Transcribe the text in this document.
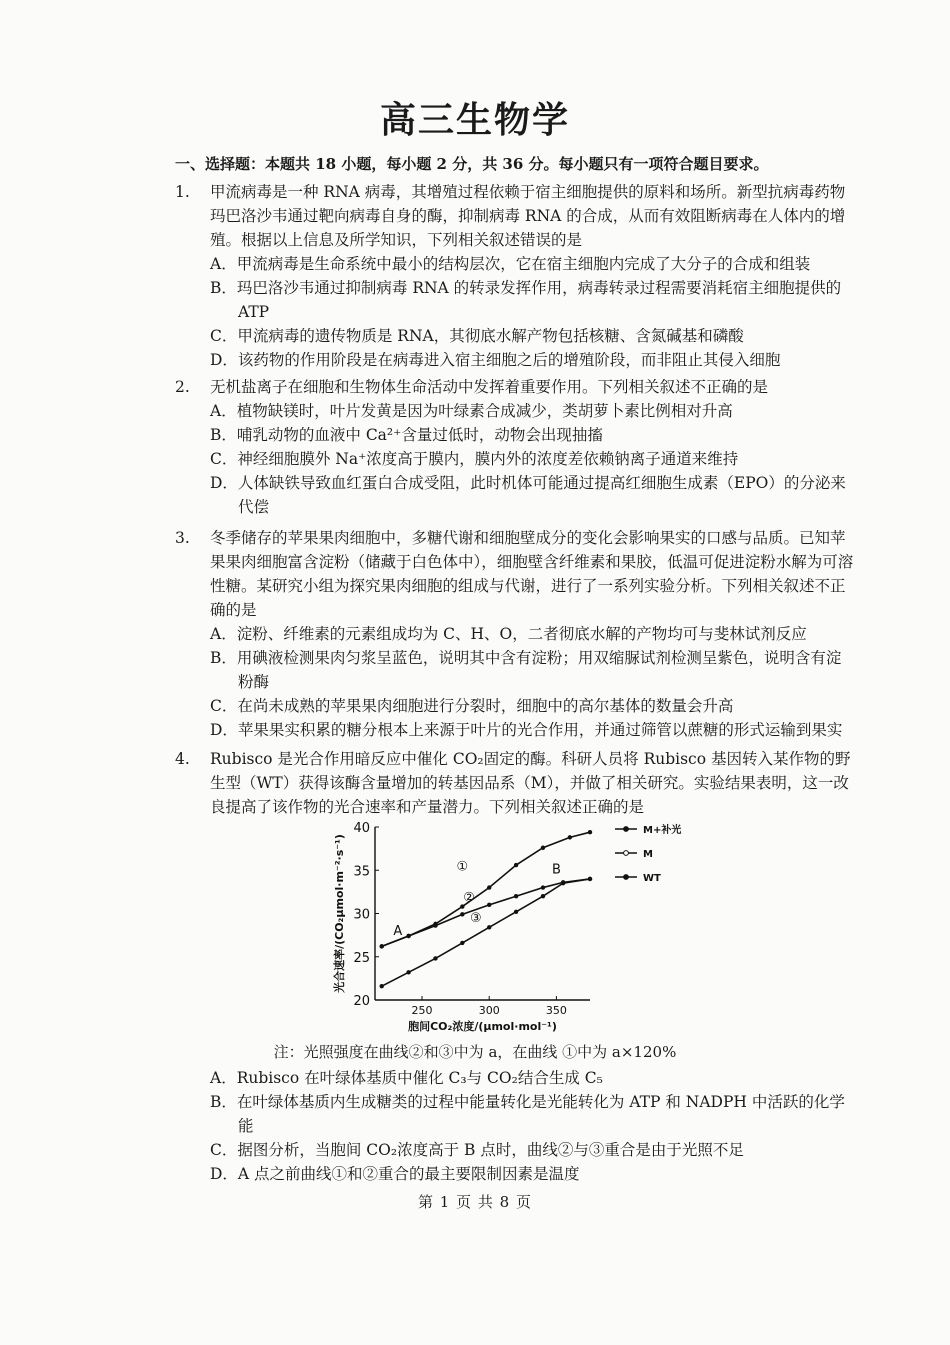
高三生物学
一、选择题：本题共 18 小题，每小题 2 分，共 36 分。每小题只有一项符合题目要求。
1.	甲流病毒是一种 RNA 病毒，其增殖过程依赖于宿主细胞提供的原料和场所。新型抗病毒药物玛巴洛沙韦通过靶向病毒自身的酶，抑制病毒 RNA 的合成，从而有效阻断病毒在人体内的增殖。根据以上信息及所学知识，下列相关叙述错误的是
A．甲流病毒是生命系统中最小的结构层次，它在宿主细胞内完成了大分子的合成和组装
B．玛巴洛沙韦通过抑制病毒 RNA 的转录发挥作用，病毒转录过程需要消耗宿主细胞提供的 ATP
C．甲流病毒的遗传物质是 RNA，其彻底水解产物包括核糖、含氮碱基和磷酸
D．该药物的作用阶段是在病毒进入宿主细胞之后的增殖阶段，而非阻止其侵入细胞
2.	无机盐离子在细胞和生物体生命活动中发挥着重要作用。下列相关叙述不正确的是
A．植物缺镁时，叶片发黄是因为叶绿素合成减少，类胡萝卜素比例相对升高
B．哺乳动物的血液中 Ca²⁺含量过低时，动物会出现抽搐
C．神经细胞膜外 Na⁺浓度高于膜内，膜内外的浓度差依赖钠离子通道来维持
D．人体缺铁导致血红蛋白合成受阻，此时机体可能通过提高红细胞生成素（EPO）的分泌来代偿
3.	冬季储存的苹果果肉细胞中，多糖代谢和细胞壁成分的变化会影响果实的口感与品质。已知苹果果肉细胞富含淀粉（储藏于白色体中），细胞壁含纤维素和果胶，低温可促进淀粉水解为可溶性糖。某研究小组为探究果肉细胞的组成与代谢，进行了一系列实验分析。下列相关叙述不正确的是
A．淀粉、纤维素的元素组成均为 C、H、O，二者彻底水解的产物均可与斐林试剂反应
B．用碘液检测果肉匀浆呈蓝色，说明其中含有淀粉；用双缩脲试剂检测呈紫色，说明含有淀粉酶
C．在尚未成熟的苹果果肉细胞进行分裂时，细胞中的高尔基体的数量会升高
D．苹果果实积累的糖分根本上来源于叶片的光合作用，并通过筛管以蔗糖的形式运输到果实
4.	Rubisco 是光合作用暗反应中催化 CO₂固定的酶。科研人员将 Rubisco 基因转入某作物的野生型（WT）获得该酶含量增加的转基因品系（M），并做了相关研究。实验结果表明，这一改良提高了该作物的光合速率和产量潜力。下列相关叙述正确的是
20
25
30
35
40
250	300	350
胞间CO₂浓度/(μmol·mol⁻¹)
光合速率/(CO₂μmol·m⁻²·s⁻¹)
M+补光
M
WT
A
B
①
②
③
注：光照强度在曲线②和③中为 a，在曲线 ①中为 a×120%
A．Rubisco 在叶绿体基质中催化 C₃与 CO₂结合生成 C₅
B．在叶绿体基质内生成糖类的过程中能量转化是光能转化为 ATP 和 NADPH 中活跃的化学能
C．据图分析，当胞间 CO₂浓度高于 B 点时，曲线②与③重合是由于光照不足
D．A 点之前曲线①和②重合的最主要限制因素是温度
第 1 页 共 8 页
